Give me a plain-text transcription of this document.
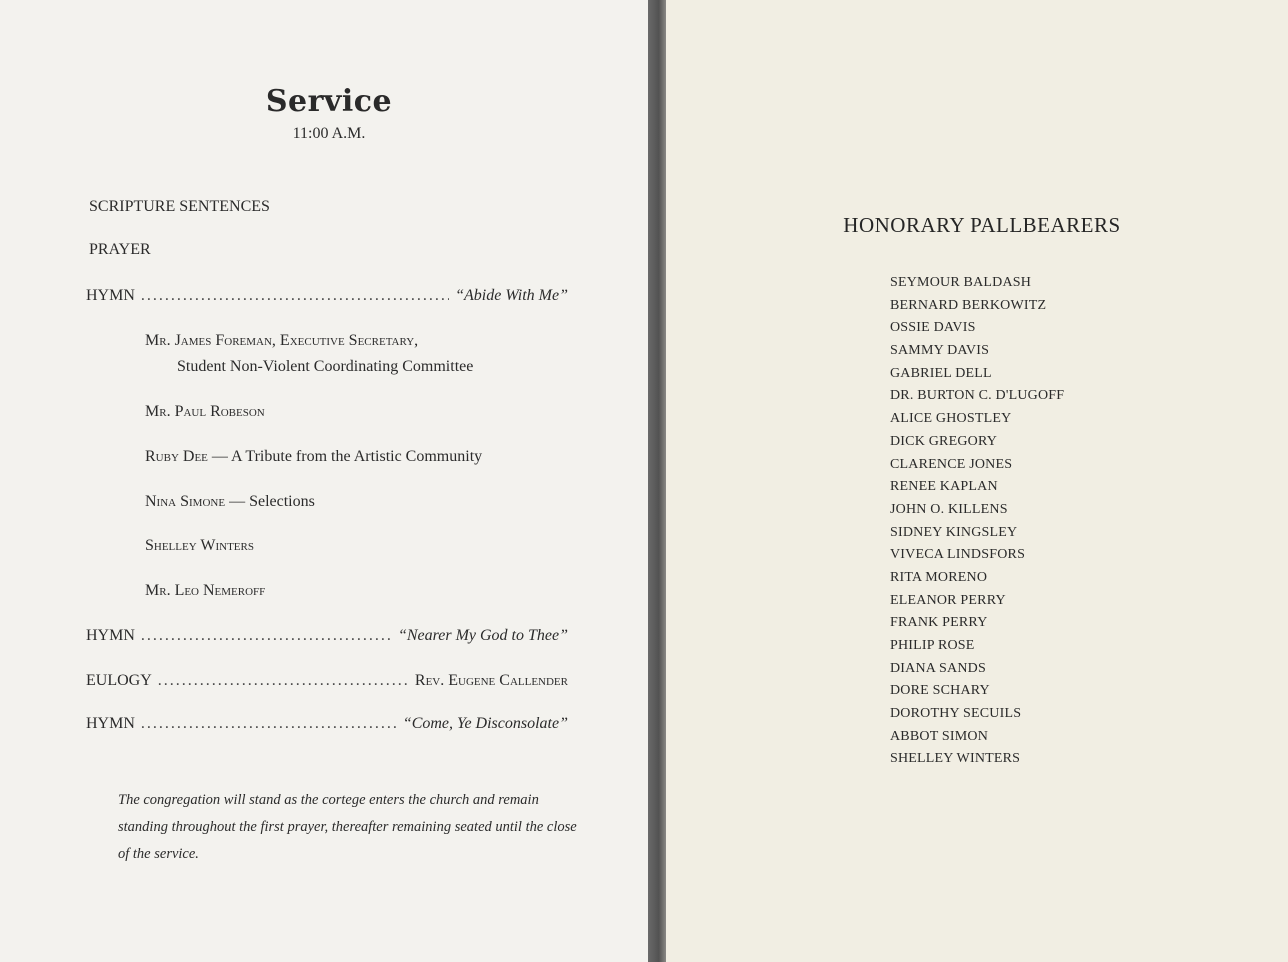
Service
11:00 A.M.
SCRIPTURE SENTENCES
PRAYER
HYMN .....	“Abide With Me”
Mr. James Foreman, Executive Secretary,
Student Non-Violent Coordinating Committee
Mr. Paul Robeson
Ruby Dee — A Tribute from the Artistic Community
Nina Simone — Selections
Shelley Winters
Mr. Leo Nemeroff
HYMN .....	“Nearer My God to Thee”
EULOGY .....	Rev. Eugene Callender
HYMN .....	“Come, Ye Disconsolate”
The congregation will stand as the cortege enters the church and remain standing throughout the first prayer, thereafter remaining seated until the close of the service.
HONORARY PALLBEARERS
SEYMOUR BALDASH
BERNARD BERKOWITZ
OSSIE DAVIS
SAMMY DAVIS
GABRIEL DELL
DR. BURTON C. D'LUGOFF
ALICE GHOSTLEY
DICK GREGORY
CLARENCE JONES
RENEE KAPLAN
JOHN O. KILLENS
SIDNEY KINGSLEY
VIVECA LINDSFORS
RITA MORENO
ELEANOR PERRY
FRANK PERRY
PHILIP ROSE
DIANA SANDS
DORE SCHARY
DOROTHY SECUILS
ABBOT SIMON
SHELLEY WINTERS
